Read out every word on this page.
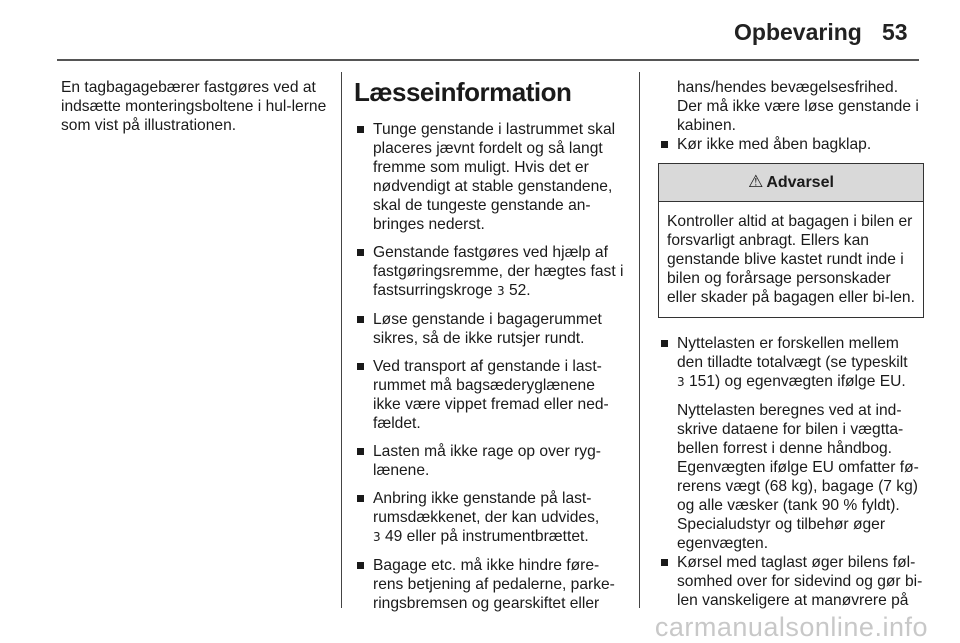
Opbevaring 53

En tagbagagebærer fastgøres ved at indsætte monteringsboltene i hul-lerne som vist på illustrationen.

Læsseinformation
Tunge genstande i lastrummet skal placeres jævnt fordelt og så langt fremme som muligt. Hvis det er nødvendigt at stable genstandene, skal de tungeste genstande an-bringes nederst.
Genstande fastgøres ved hjælp af fastgøringsremme, der hægtes fast i fastsurringskroge 3 52.
Løse genstande i bagagerummet sikres, så de ikke rutsjer rundt.
Ved transport af genstande i last-rummet må bagsæderyglænene ikke være vippet fremad eller ned-fældet.
Lasten må ikke rage op over ryg-lænene.
Anbring ikke genstande på last-rumsdækkenet, der kan udvides,
3 49 eller på instrumentbrættet.
Bagage etc. må ikke hindre føre-rens betjening af pedalerne, parke-ringsbremsen og gearskiftet eller

hans/hendes bevægelsesfrihed. Der må ikke være løse genstande i kabinen.

Kør ikke med åben bagklap.
⚠ Advarsel
Kontroller altid at bagagen i bilen er forsvarligt anbragt. Ellers kan genstande blive kastet rundt inde i bilen og forårsage personskader eller skader på bagagen eller bi-len.
Nyttelasten er forskellen mellem den tilladte totalvægt (se typeskilt
3 151) og egenvægten ifølge EU.

Nyttelasten beregnes ved at ind-skrive dataene for bilen i vægtta-bellen forrest i denne håndbog.

Egenvægten ifølge EU omfatter fø-rerens vægt (68 kg), bagage (7 kg) og alle væsker (tank 90 % fyldt).

Specialudstyr og tilbehør øger egenvægten.

Kørsel med taglast øger bilens føl-somhed over for sidevind og gør bi-len vanskeligere at manøvrere på
carmanualsonline.info
